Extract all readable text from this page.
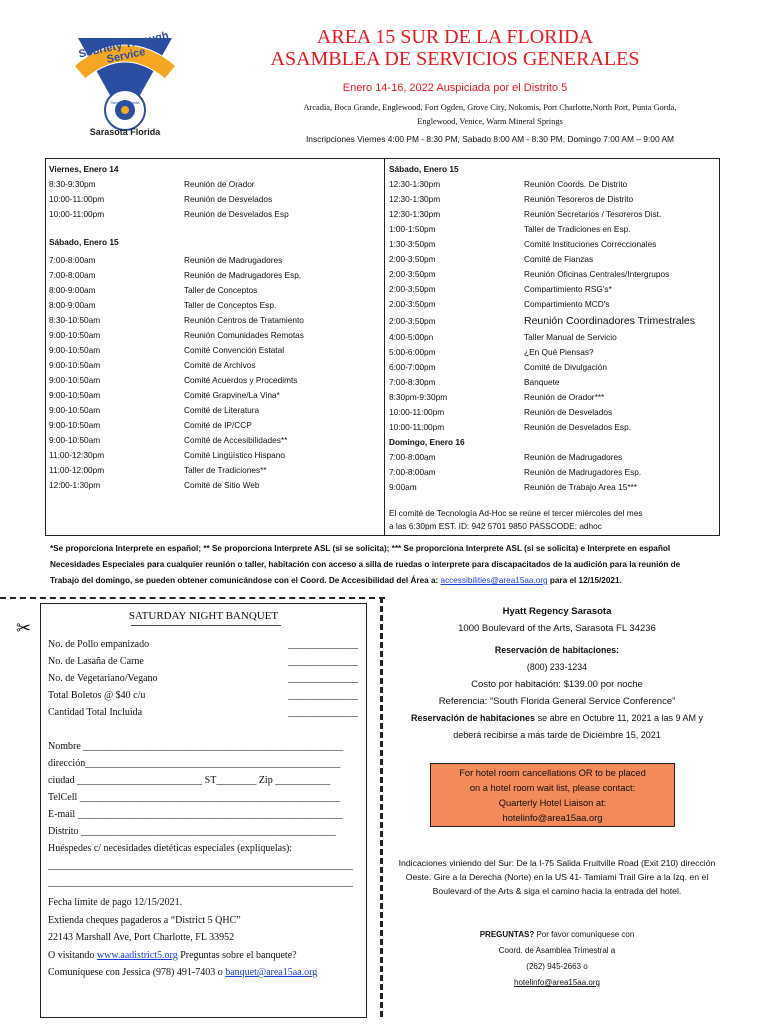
Sobriety Through Service
Sarasota Florida
Sarasota Florida
AREA 15 SUR DE LA FLORIDA
ASAMBLEA DE SERVICIOS GENERALES
Enero 14-16, 2022 Auspiciada por el Distrito 5
Arcadia, Boca Grande, Englewood, Fort Ogden, Grove City, Nokomis, Port Charlotte,North Port, Punta Gorda,
Englewood, Venice, Warm Mineral Springs
Inscripciones Viernes 4:00 PM - 8:30 PM, Sabado 8:00 AM - 8:30 PM, Domingo 7:00 AM – 9:00 AM
Viernes, Enero 14
8:30-9:30pm	Reunión de Orador
10:00-11:00pm	Reunión de Desvelados
10:00-11:00pm	Reunión de Desvelados Esp
Sábado, Enero 15
7:00-8:00am	Reunión de Madrugadores
7:00-8:00am	Reunión de Madrugadores Esp.
8:00-9:00am	Taller de Conceptos
8:00-9:00am	Taller de Conceptos Esp.
8:30-10:50am	Reunión Centros de Tratamiento
9:00-10:50am	Reunión Comunidades Remotas
9:00-10:50am	Comité Convención Estatal
9:00-10:50am	Comité de Archivos
9:00-10:50am	Comité Acuerdos y Procedimts
9:00-10:50am	Comité Grapvine/La Vina*
9:00-10:50am	Comité de Literatura
9:00-10:50am	Comité de IP/CCP
9:00-10:50am	Comité de Accesibilidades**
11:00-12:30pm	Comité Lingüístico Hispano
11:00-12:00pm	Taller de Tradiciones**
12:00-1:30pm	Comité de Sitio Web
Sábado, Enero 15
12:30-1:30pm	Reunión Coords. De Distrito
12:30-1:30pm	Reunión Tesoreros de Distrito
12:30-1:30pm	Reunión Secretarios / Tesoreros Dist.
1:00-1:50pm	Taller de Tradiciones en Esp.
1:30-3:50pm	Comité Instituciones Correccionales
2:00-3:50pm	Comité de Fianzas
2:00-3:50pm	Reunión Oficinas Centrales/Intergrupos
2:00-3:50pm	Compartimiento RSG's*
2:00-3:50pm	Compartimiento MCD's
2:00-3:50pm	Reunión Coordinadores Trimestrales
4:00-5:00pn	Taller Manual de Servicio
5:00-6:00pm	¿En Qué Piensas?
6:00-7:00pm	Comité de Divulgación
7:00-8:30pm	Banquete
8:30pm-9:30pm	Reunión de Orador***
10:00-11:00pm	Reunión de Desvelados
10:00-11:00pm	Reunión de Desvelados Esp.
Domingo, Enero 16
7:00-8:00am	Reunión de Madrugadores
7:00-8:00am	Reunión de Madrugadores Esp.
9:00am	Reunión de Trabajo Area 15***
El comité de Tecnología Ad-Hoc se reúne el tercer miércoles del mes
a las 6:30pm EST. ID: 942 5701 9850 PASSCODE: adhoc
*Se proporciona Interprete en español; ** Se proporciona Interprete ASL (si se solicita); *** Se proporciona Interprete ASL (si se solicita) e Interprete en español
Necesidades Especiales para cualquier reunión o taller, habitación con acceso a silla de ruedas o interprete para discapacitados de la audición para la reunión de
Trabajo del domingo, se pueden obtener comunicándose con el Coord. De Accesibilidad del Área a: accessibilities@area15aa.org para el 12/15/2021.
✂
SATURDAY NIGHT BANQUET
No. de Pollo empanizado	______________
No. de Lasaña de Carne	______________
No. de Vegetariano/Vegano	______________
Total Boletos @ $40 c/u	______________
Cantidad Total Incluida	______________
Nombre ____________________________________________________
dirección___________________________________________________
ciudad _________________________ ST________ Zip ___________
TelCell ____________________________________________________
E-mail _____________________________________________________
Distrito ___________________________________________________
Huéspedes c/ necesidades dietéticas especiales (explíquelas):
_____________________________________________________________
_____________________________________________________________
Fecha límite de pago 12/15/2021.
Extienda cheques pagaderos a “District 5 QHC”
22143 Marshall Ave, Port Charlotte, FL 33952
O visitando www.aadistrict5.org Preguntas sobre el banquete?
Comuníquese con Jessica (978) 491-7403 o banquet@area15aa.org
Hyatt Regency Sarasota
1000 Boulevard of the Arts, Sarasota FL 34236
Reservación de habitaciones:
(800) 233-1234
Costo por habitación: $139.00 por noche
Referencia: “South Florida General Service Conference”
Reservación de habitaciones se abre en Octubre 11, 2021 a las 9 AM y
deberá recibirse a más tarde de Diciembre 15, 2021
For hotel room cancellations OR to be placed
on a hotel room wait list, please contact:
Quarterly Hotel Liaison at:
hotelinfo@area15aa.org
Indicaciones viniendo del Sur: De la I-75 Salida Fruitville Road (Exit 210) dirección Oeste. Gire a la Derecha (Norte) en la US 41- Tamiami Trail Gire a la Izq. en el Boulevard of the Arts & siga el camino hacia la entrada del hotel.
PREGUNTAS? Por favor comuníquese con
Coord. de Asamblea Trimestral a
(262) 945-2663 o
hotelinfo@area15aa.org
